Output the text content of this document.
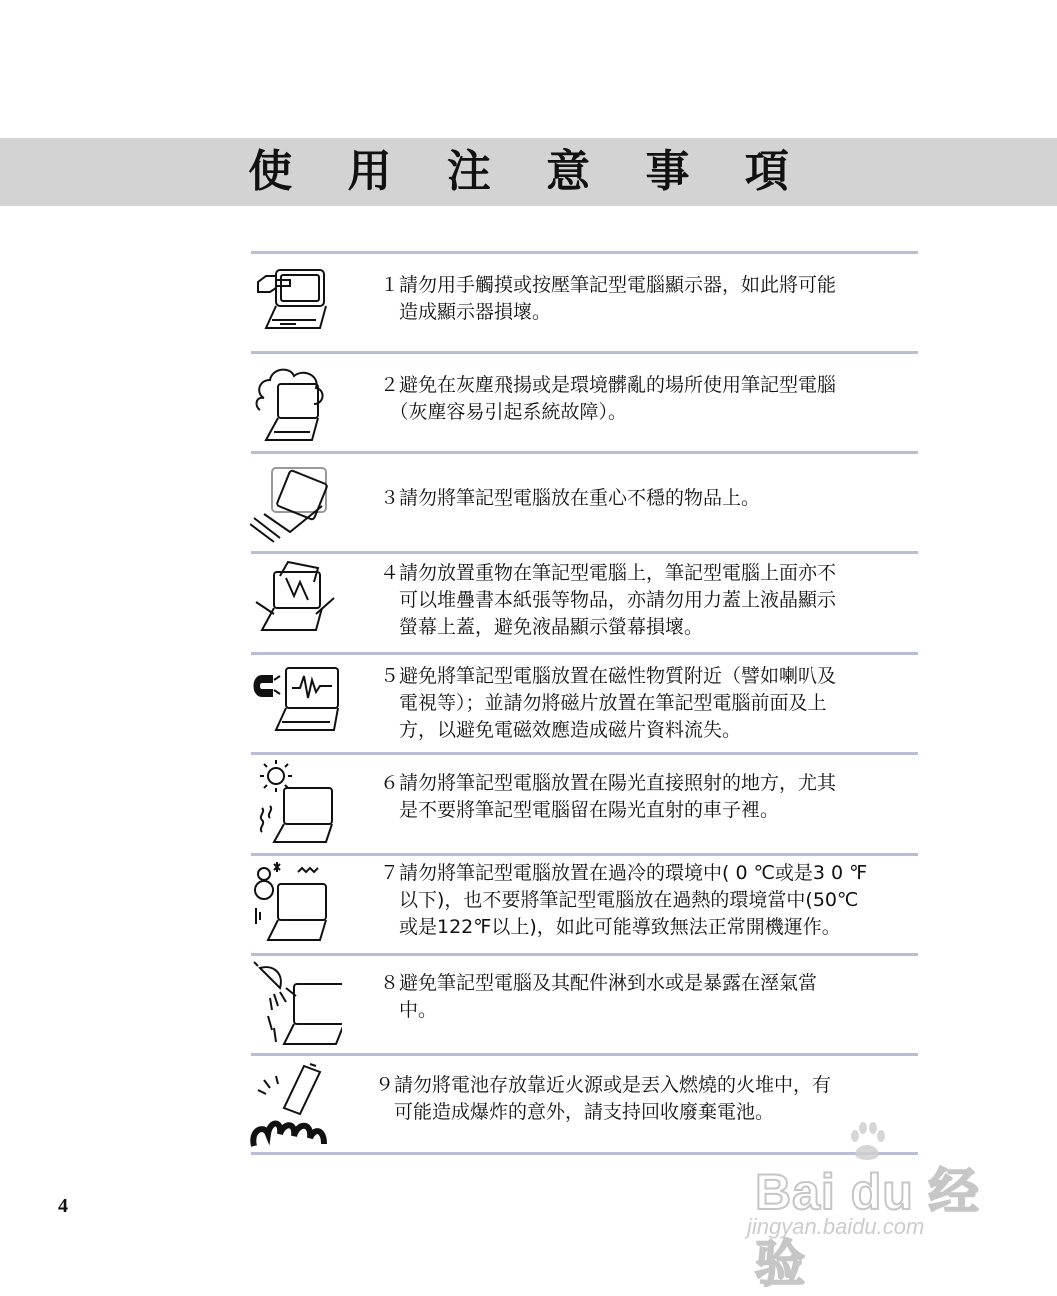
使 用 注 意 事 項
１請勿用手觸摸或按壓筆記型電腦顯示器，如此將可能
　造成顯示器損壞。
２避免在灰塵飛揚或是環境髒亂的場所使用筆記型電腦
　（灰塵容易引起系統故障）。
３請勿將筆記型電腦放在重心不穩的物品上。
４請勿放置重物在筆記型電腦上，筆記型電腦上面亦不
　可以堆疊書本紙張等物品，亦請勿用力蓋上液晶顯示
　螢幕上蓋，避免液晶顯示螢幕損壞。
５避免將筆記型電腦放置在磁性物質附近（譬如喇叭及
　電視等）；並請勿將磁片放置在筆記型電腦前面及上
　方，以避免電磁效應造成磁片資料流失。
６請勿將筆記型電腦放置在陽光直接照射的地方，尤其
　是不要將筆記型電腦留在陽光直射的車子裡。
７請勿將筆記型電腦放置在過冷的環境中( 0 ℃或是3 0 ℉
　以下)，也不要將筆記型電腦放在過熱的環境當中(50℃
　或是122℉以上)，如此可能導致無法正常開機運作。
８避免筆記型電腦及其配件淋到水或是暴露在溼氣當
　中。
９請勿將電池存放靠近火源或是丟入燃燒的火堆中，有
　可能造成爆炸的意外，請支持回收廢棄電池。
4	Bai du 经验
jingyan.baidu.com
